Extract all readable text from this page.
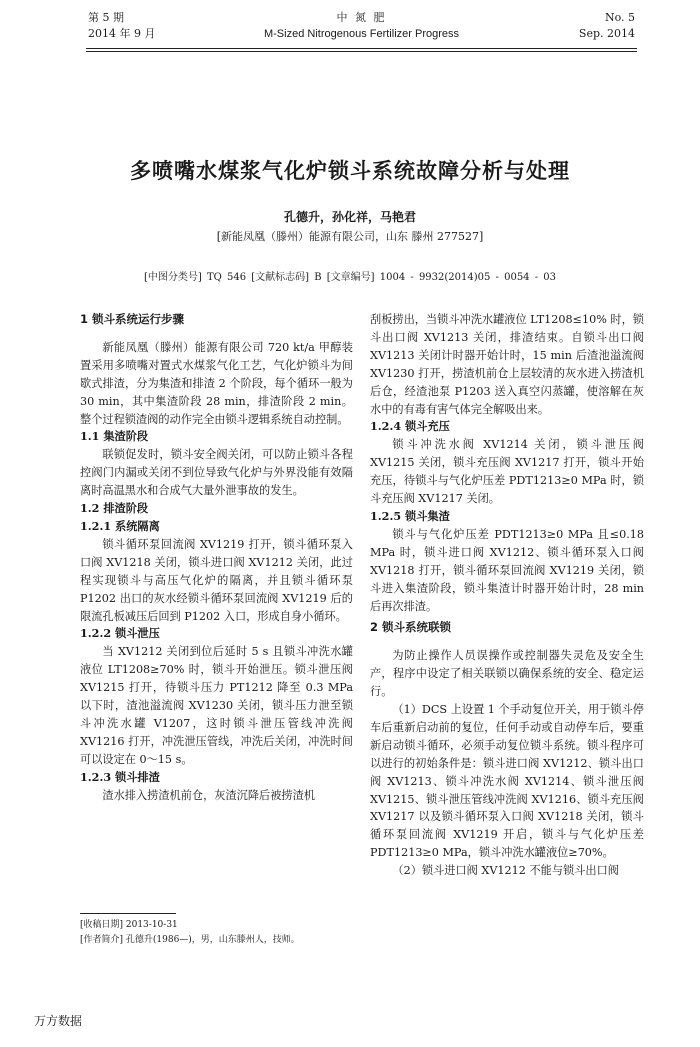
第 5 期
2014 年 9 月
中 氮 肥
M-Sized Nitrogenous Fertilizer Progress
No. 5
Sep. 2014
多喷嘴水煤浆气化炉锁斗系统故障分析与处理
孔德升，孙化祥，马艳君
[新能凤凰（滕州）能源有限公司，山东 滕州 277527]
[中图分类号] TQ 546 [文献标志码] B [文章编号] 1004 - 9932(2014)05 - 0054 - 03

1 锁斗系统运行步骤

新能凤凰（滕州）能源有限公司 720 kt/a 甲醇装置采用多喷嘴对置式水煤浆气化工艺，气化炉锁斗为间歇式排渣，分为集渣和排渣 2 个阶段，每个循环一般为 30 min，其中集渣阶段 28 min，排渣阶段 2 min。整个过程锁渣阀的动作完全由锁斗逻辑系统自动控制。

1.1 集渣阶段

联锁促发时，锁斗安全阀关闭，可以防止锁斗各程控阀门内漏或关闭不到位导致气化炉与外界没能有效隔离时高温黑水和合成气大量外泄事故的发生。

1.2 排渣阶段

1.2.1 系统隔离

锁斗循环泵回流阀 XV1219 打开，锁斗循环泵入口阀 XV1218 关闭，锁斗进口阀 XV1212 关闭，此过程实现锁斗与高压气化炉的隔离，并且锁斗循环泵 P1202 出口的灰水经锁斗循环泵回流阀 XV1219 后的限流孔板减压后回到 P1202 入口，形成自身小循环。

1.2.2 锁斗泄压

当 XV1212 关闭到位后延时 5 s 且锁斗冲洗水罐液位 LT1208≥70% 时，锁斗开始泄压。锁斗泄压阀 XV1215 打开，待锁斗压力 PT1212 降至 0.3 MPa 以下时，渣池溢流阀 XV1230 关闭，锁斗压力泄至锁斗冲洗水罐 V1207，这时锁斗泄压管线冲洗阀 XV1216 打开，冲洗泄压管线，冲洗后关闭，冲洗时间可以设定在 0～15 s。

1.2.3 锁斗排渣

渣水排入捞渣机前仓，灰渣沉降后被捞渣机

刮板捞出，当锁斗冲洗水罐液位 LT1208≤10% 时，锁斗出口阀 XV1213 关闭，排渣结束。自锁斗出口阀 XV1213 关闭计时器开始计时，15 min 后渣池溢流阀 XV1230 打开，捞渣机前仓上层较清的灰水进入捞渣机后仓，经渣池泵 P1203 送入真空闪蒸罐，使溶解在灰水中的有毒有害气体完全解吸出来。

1.2.4 锁斗充压

锁斗冲洗水阀 XV1214 关闭，锁斗泄压阀 XV1215 关闭，锁斗充压阀 XV1217 打开，锁斗开始充压，待锁斗与气化炉压差 PDT1213≥0 MPa 时，锁斗充压阀 XV1217 关闭。

1.2.5 锁斗集渣

锁斗与气化炉压差 PDT1213≥0 MPa 且≤0.18 MPa 时，锁斗进口阀 XV1212、锁斗循环泵入口阀 XV1218 打开，锁斗循环泵回流阀 XV1219 关闭，锁斗进入集渣阶段，锁斗集渣计时器开始计时，28 min 后再次排渣。

2 锁斗系统联锁

为防止操作人员误操作或控制器失灵危及安全生产，程序中设定了相关联锁以确保系统的安全、稳定运行。

（1）DCS 上设置 1 个手动复位开关，用于锁斗停车后重新启动前的复位，任何手动或自动停车后，要重新启动锁斗循环，必须手动复位锁斗系统。锁斗程序可以进行的初始条件是：锁斗进口阀 XV1212、锁斗出口阀 XV1213、锁斗冲洗水阀 XV1214、锁斗泄压阀 XV1215、锁斗泄压管线冲洗阀 XV1216、锁斗充压阀 XV1217 以及锁斗循环泵入口阀 XV1218 关闭，锁斗循环泵回流阀 XV1219 开启，锁斗与气化炉压差 PDT1213≥0 MPa，锁斗冲洗水罐液位≥70%。

（2）锁斗进口阀 XV1212 不能与锁斗出口阀

[收稿日期] 2013-10-31
[作者简介] 孔德升(1986—)，男，山东滕州人，技师。
万方数据
